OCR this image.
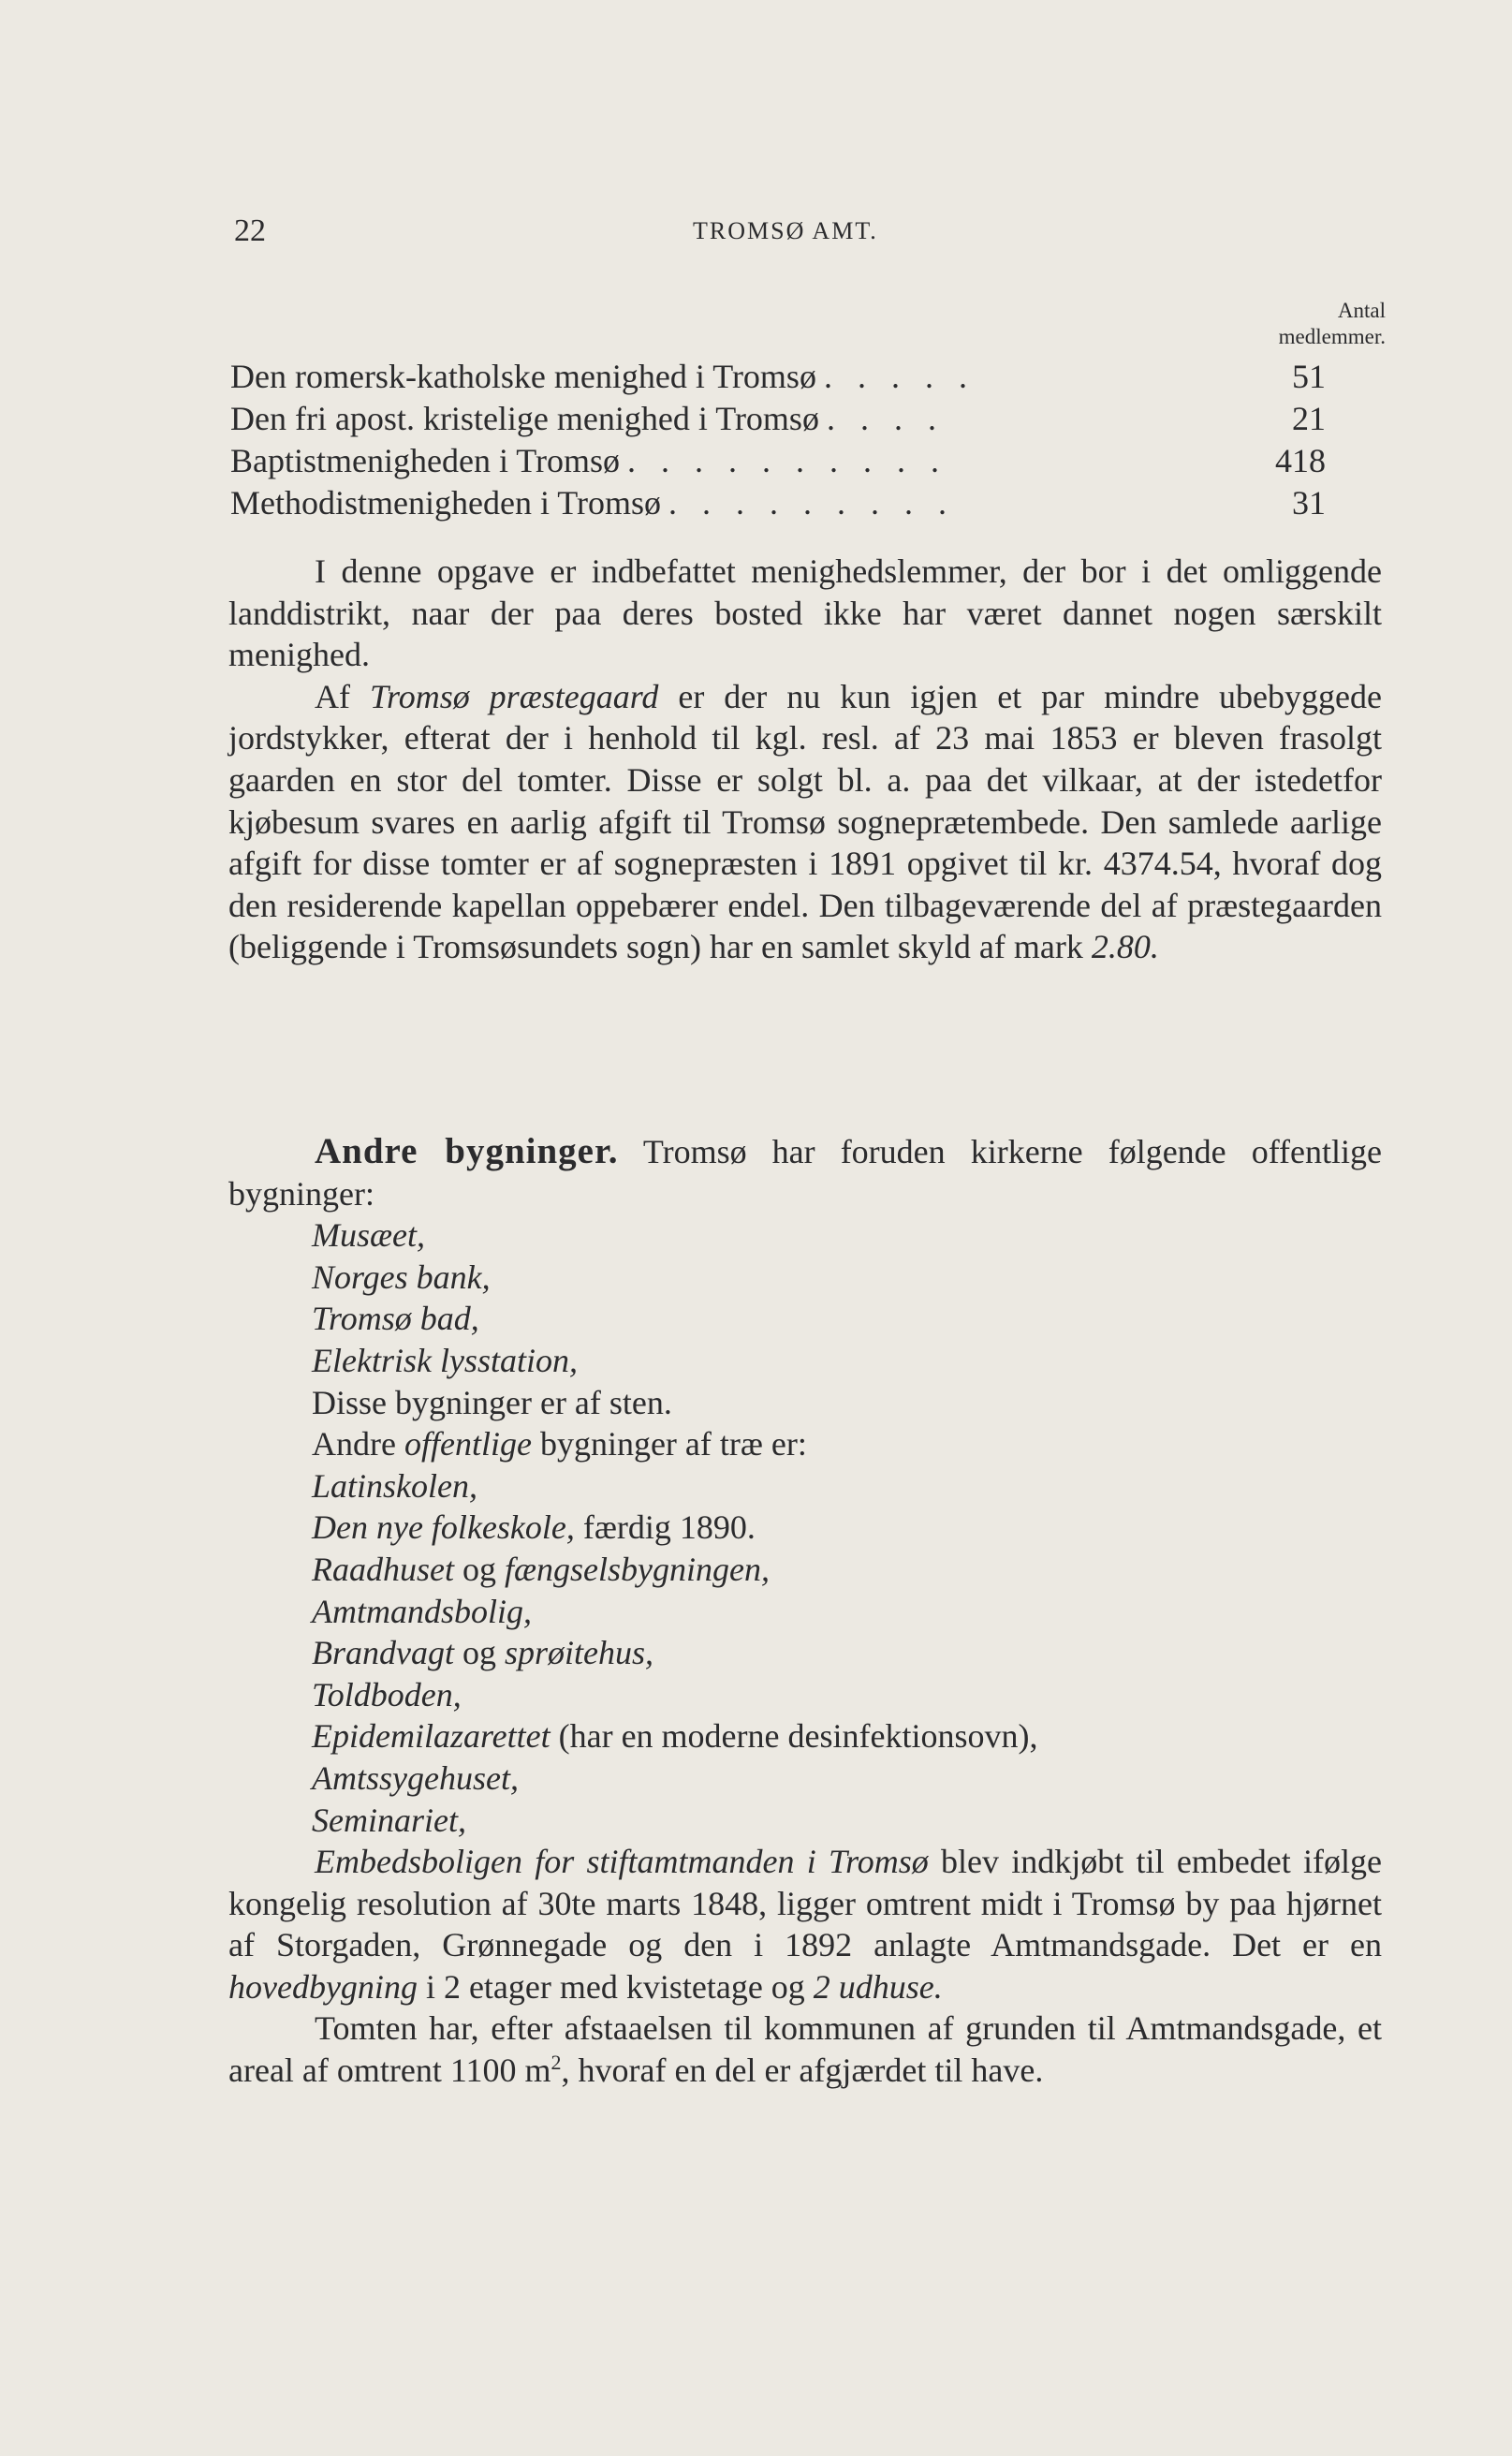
22	TROMSØ AMT.
Antal
medlemmer.
Den romersk-katholske menighed i Tromsø . . . . .	51
Den fri apost. kristelige menighed i Tromsø . . . .	21
Baptistmenigheden i Tromsø . . . . . . . . . .	418
Methodistmenigheden i Tromsø . . . . . . . . .	31

I denne opgave er indbefattet menighedslemmer, der bor i det omliggende landdistrikt, naar der paa deres bosted ikke har været dannet nogen særskilt menighed.

Af Tromsø præstegaard er der nu kun igjen et par mindre ubebyggede jordstykker, efterat der i henhold til kgl. resl. af 23 mai 1853 er bleven frasolgt gaarden en stor del tomter. Disse er solgt bl. a. paa det vilkaar, at der istedetfor kjøbesum svares en aarlig afgift til Tromsø sogneprætembede. Den samlede aarlige afgift for disse tomter er af sognepræsten i 1891 opgivet til kr. 4374.54, hvoraf dog den residerende kapellan oppebærer endel. Den tilbageværende del af præstegaarden (beliggende i Tromsøsundets sogn) har en samlet skyld af mark 2.80.

Andre bygninger. Tromsø har foruden kirkerne følgende offentlige bygninger:

Musæet,
Norges bank,
Tromsø bad,
Elektrisk lysstation,
Disse bygninger er af sten.
Andre offentlige bygninger af træ er:
Latinskolen,
Den nye folkeskole, færdig 1890.
Raadhuset og fængselsbygningen,
Amtmandsbolig,
Brandvagt og sprøitehus,
Toldboden,
Epidemilazarettet (har en moderne desinfektionsovn),
Amtssygehuset,
Seminariet,

Embedsboligen for stiftamtmanden i Tromsø blev indkjøbt til embedet ifølge kongelig resolution af 30te marts 1848, ligger omtrent midt i Tromsø by paa hjørnet af Storgaden, Grønnegade og den i 1892 anlagte Amtmandsgade. Det er en hovedbygning i 2 etager med kvistetage og 2 udhuse.

Tomten har, efter afstaaelsen til kommunen af grunden til Amtmandsgade, et areal af omtrent 1100 $m^2$, hvoraf en del er afgjærdet til have.
